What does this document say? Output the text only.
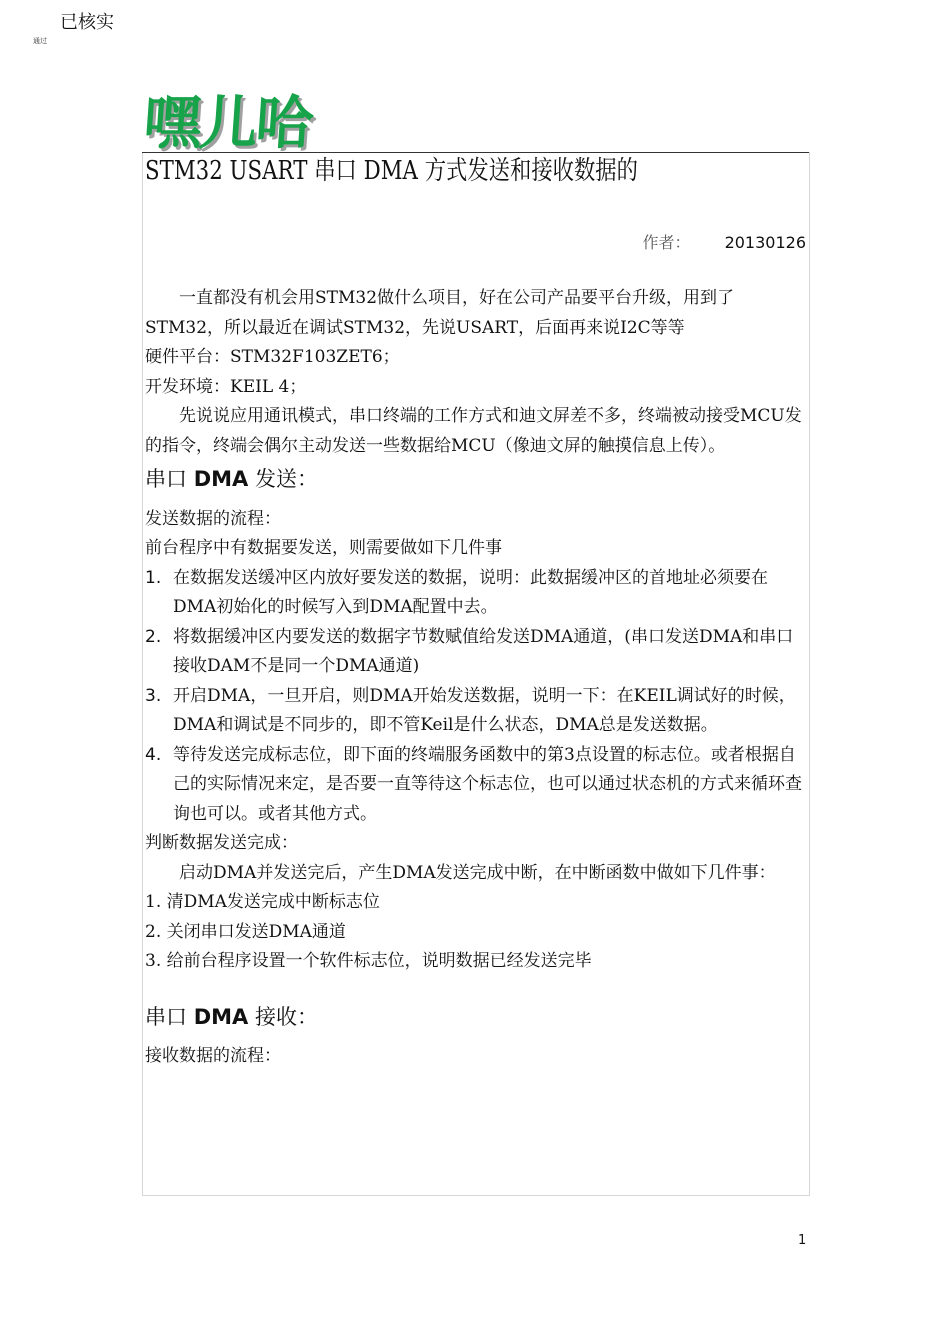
已核实
通过
嘿儿哈
STM32 USART 串口 DMA 方式发送和接收数据的
作者： 20130126

一直都没有机会用STM32做什么项目，好在公司产品要平台升级，用到了STM32，所以最近在调试STM32，先说USART，后面再来说I2C等等

硬件平台：STM32F103ZET6；

开发环境：KEIL 4；

先说说应用通讯模式，串口终端的工作方式和迪文屏差不多，终端被动接受MCU发的指令，终端会偶尔主动发送一些数据给MCU（像迪文屏的触摸信息上传）。

串口 DMA 发送：

发送数据的流程：

前台程序中有数据要发送，则需要做如下几件事

1. 在数据发送缓冲区内放好要发送的数据，说明：此数据缓冲区的首地址必须要在DMA初始化的时候写入到DMA配置中去。
2. 将数据缓冲区内要发送的数据字节数赋值给发送DMA通道，(串口发送DMA和串口接收DAM不是同一个DMA通道)
3. 开启DMA，一旦开启，则DMA开始发送数据，说明一下：在KEIL调试好的时候，DMA和调试是不同步的，即不管Keil是什么状态，DMA总是发送数据。
4. 等待发送完成标志位，即下面的终端服务函数中的第3点设置的标志位。或者根据自己的实际情况来定，是否要一直等待这个标志位，也可以通过状态机的方式来循环查询也可以。或者其他方式。

判断数据发送完成：

启动DMA并发送完后，产生DMA发送完成中断，在中断函数中做如下几件事：

1. 清DMA发送完成中断标志位

2. 关闭串口发送DMA通道

3. 给前台程序设置一个软件标志位，说明数据已经发送完毕

串口 DMA 接收：

接收数据的流程：

1
